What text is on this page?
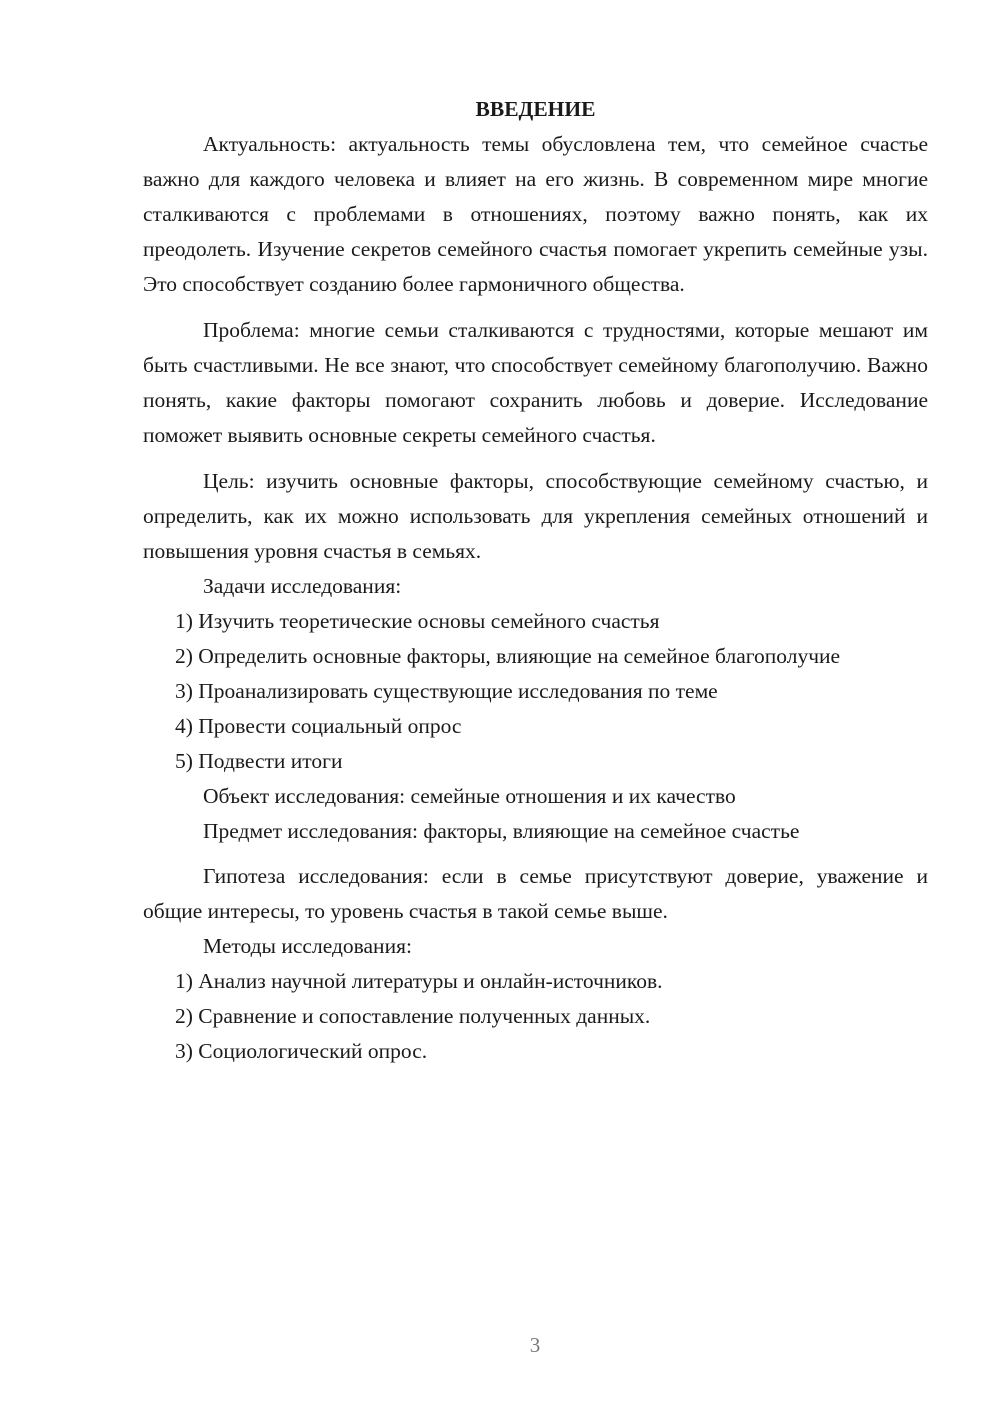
ВВЕДЕНИЕ

Актуальность: актуальность темы обусловлена тем, что семейное счастье важно для каждого человека и влияет на его жизнь. В современном мире многие сталкиваются с проблемами в отношениях, поэтому важно понять, как их преодолеть. Изучение секретов семейного счастья помогает укрепить семейные узы. Это способствует созданию более гармоничного общества.

Проблема: многие семьи сталкиваются с трудностями, которые мешают им быть счастливыми. Не все знают, что способствует семейному благополучию. Важно понять, какие факторы помогают сохранить любовь и доверие. Исследование поможет выявить основные секреты семейного счастья.

Цель: изучить основные факторы, способствующие семейному счастью, и определить, как их можно использовать для укрепления семейных отношений и повышения уровня счастья в семьях.

Задачи исследования:

1) Изучить теоретические основы семейного счастья

2) Определить основные факторы, влияющие на семейное благополучие

3) Проанализировать существующие исследования по теме

4) Провести социальный опрос

5) Подвести итоги

Объект исследования: семейные отношения и их качество

Предмет исследования: факторы, влияющие на семейное счастье

Гипотеза исследования: если в семье присутствуют доверие, уважение и общие интересы, то уровень счастья в такой семье выше.

Методы исследования:

1) Анализ научной литературы и онлайн-источников.

2) Сравнение и сопоставление полученных данных.

3) Социологический опрос.

3
